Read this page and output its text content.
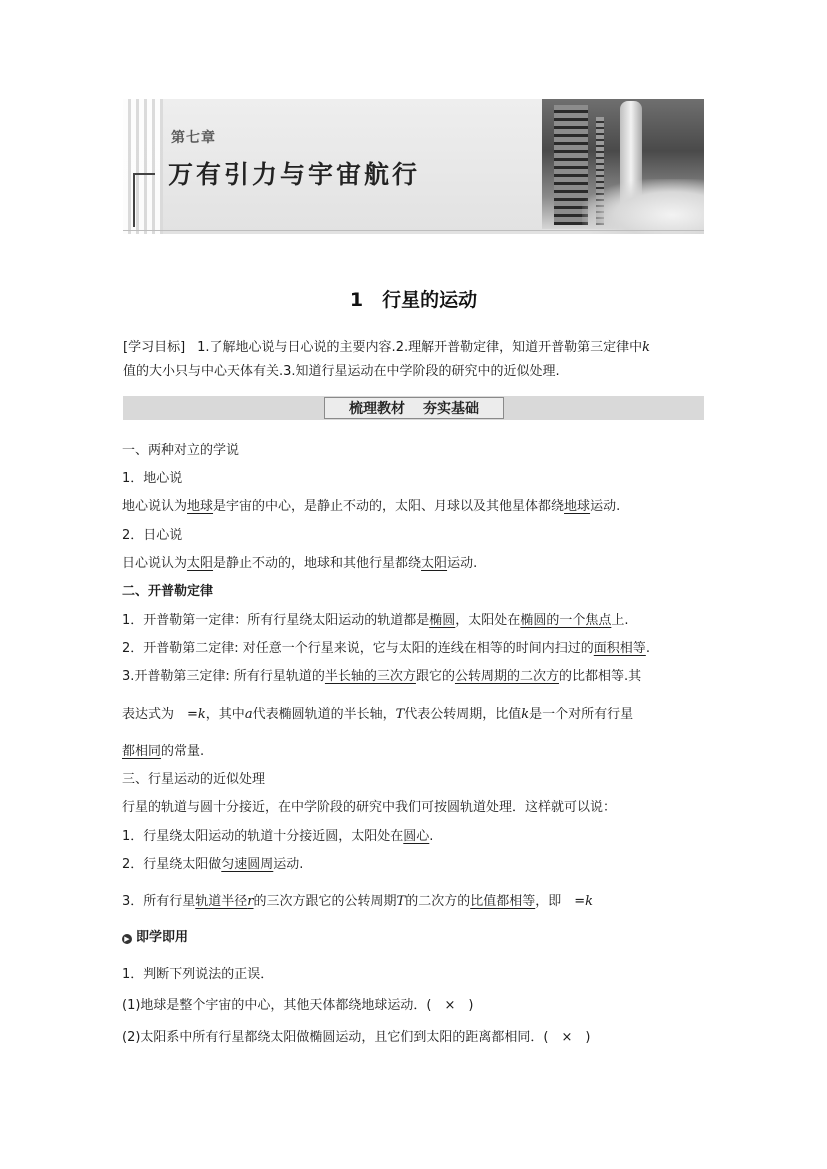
第七章
万有引力与宇宙航行
1　行星的运动
[学习目标] 1.了解地心说与日心说的主要内容.2.理解开普勒定律，知道开普勒第三定律中k
值的大小只与中心天体有关.3.知道行星运动在中学阶段的研究中的近似处理.
梳理教材 夯实基础
一、两种对立的学说
1．地心说
地心说认为地球是宇宙的中心，是静止不动的，太阳、月球以及其他星体都绕地球运动.
2．日心说
日心说认为太阳是静止不动的，地球和其他行星都绕太阳运动.
二、开普勒定律
1．开普勒第一定律：所有行星绕太阳运动的轨道都是椭圆，太阳处在椭圆的一个焦点上.
2．开普勒第二定律: 对任意一个行星来说，它与太阳的连线在相等的时间内扫过的面积相等.
3.开普勒第三定律: 所有行星轨道的半长轴的三次方跟它的公转周期的二次方的比都相等.其
表达式为　=k，其中a代表椭圆轨道的半长轴，T代表公转周期，比值k是一个对所有行星
都相同的常量.
三、行星运动的近似处理
行星的轨道与圆十分接近，在中学阶段的研究中我们可按圆轨道处理．这样就可以说：
1．行星绕太阳运动的轨道十分接近圆，太阳处在圆心.
2．行星绕太阳做匀速圆周运动.
3．所有行星轨道半径r的三次方跟它的公转周期T的二次方的比值都相等，即　=k
▶ 即学即用
1．判断下列说法的正误．
(1)地球是整个宇宙的中心，其他天体都绕地球运动．(　×　)
(2)太阳系中所有行星都绕太阳做椭圆运动，且它们到太阳的距离都相同．(　×　)
